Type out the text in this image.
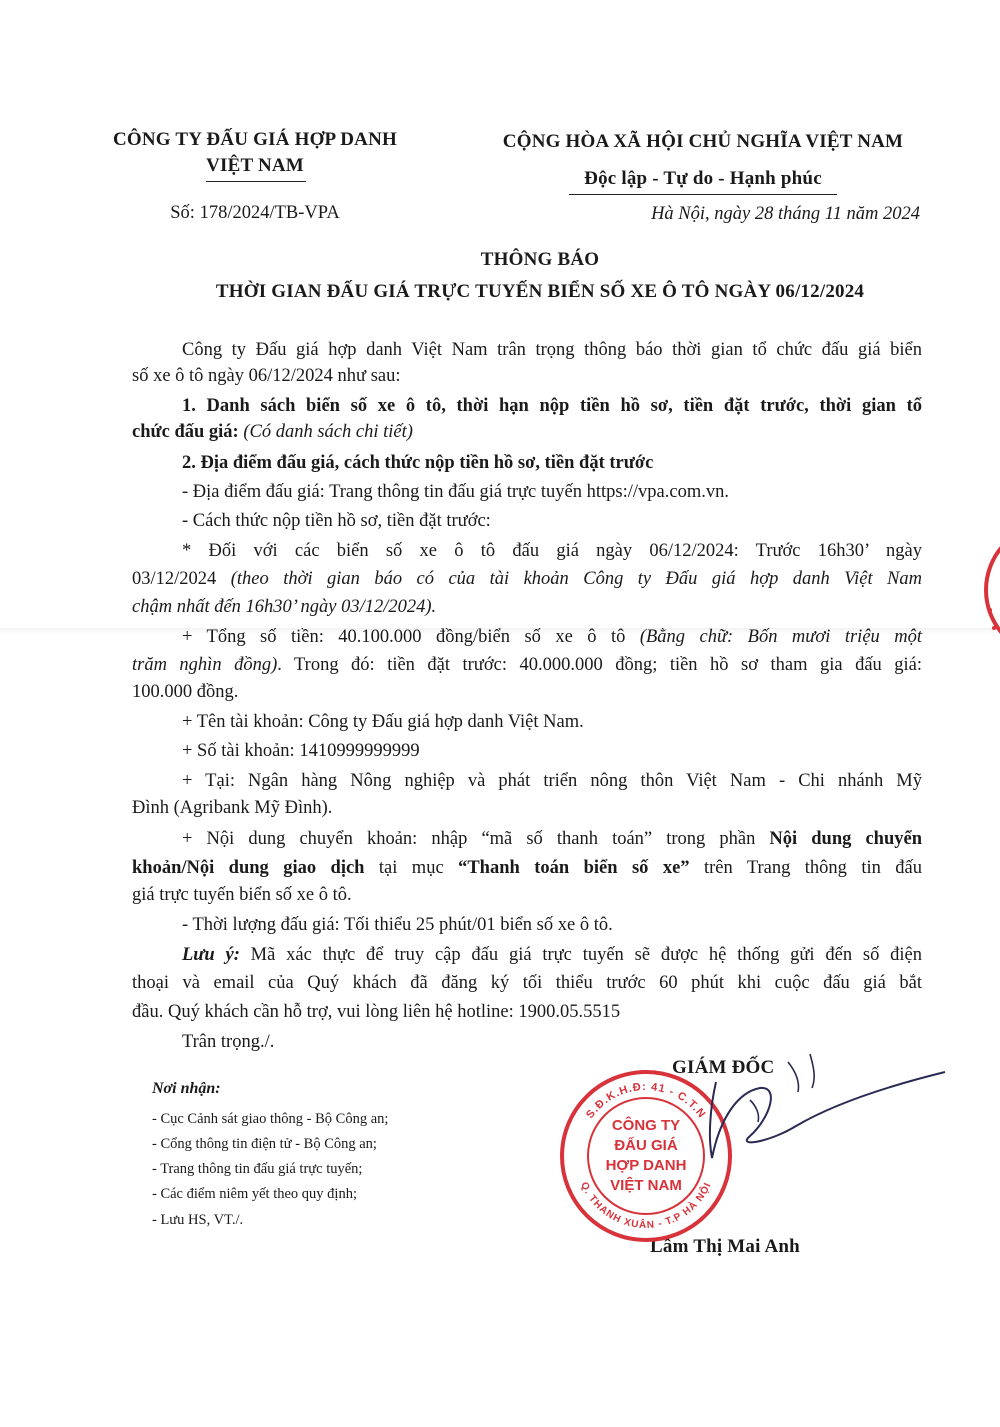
CÔNG TY ĐẤU GIÁ HỢP DANH
VIỆT NAM
Số: 178/2024/TB-VPA
CỘNG HÒA XÃ HỘI CHỦ NGHĨA VIỆT NAM
Độc lập - Tự do - Hạnh phúc
Hà Nội, ngày 28 tháng 11 năm 2024
THÔNG BÁO
THỜI GIAN ĐẤU GIÁ TRỰC TUYẾN BIỂN SỐ XE Ô TÔ NGÀY 06/12/2024
Công ty Đấu giá hợp danh Việt Nam trân trọng thông báo thời gian tổ chức đấu giá biển
số xe ô tô ngày 06/12/2024 như sau:
1. Danh sách biển số xe ô tô, thời hạn nộp tiền hồ sơ, tiền đặt trước, thời gian tổ
chức đấu giá: (Có danh sách chi tiết)
2. Địa điểm đấu giá, cách thức nộp tiền hồ sơ, tiền đặt trước
- Địa điểm đấu giá: Trang thông tin đấu giá trực tuyến https://vpa.com.vn.
- Cách thức nộp tiền hồ sơ, tiền đặt trước:
* Đối với các biển số xe ô tô đấu giá ngày 06/12/2024: Trước 16h30’ ngày
03/12/2024 (theo thời gian báo có của tài khoản Công ty Đấu giá hợp danh Việt Nam
chậm nhất đến 16h30’ ngày 03/12/2024).
+ Tổng số tiền: 40.100.000 đồng/biển số xe ô tô (Bằng chữ: Bốn mươi triệu một
trăm nghìn đồng). Trong đó: tiền đặt trước: 40.000.000 đồng; tiền hồ sơ tham gia đấu giá:
100.000 đồng.
+ Tên tài khoản: Công ty Đấu giá hợp danh Việt Nam.
+ Số tài khoản: 1410999999999
+ Tại: Ngân hàng Nông nghiệp và phát triển nông thôn Việt Nam - Chi nhánh Mỹ
Đình (Agribank Mỹ Đình).
+ Nội dung chuyển khoản: nhập “mã số thanh toán” trong phần Nội dung chuyển
khoản/Nội dung giao dịch tại mục “Thanh toán biển số xe” trên Trang thông tin đấu
giá trực tuyến biển số xe ô tô.
- Thời lượng đấu giá: Tối thiểu 25 phút/01 biển số xe ô tô.
Lưu ý: Mã xác thực để truy cập đấu giá trực tuyến sẽ được hệ thống gửi đến số điện
thoại và email của Quý khách đã đăng ký tối thiểu trước 60 phút khi cuộc đấu giá bắt
đầu. Quý khách cần hỗ trợ, vui lòng liên hệ hotline: 1900.05.5515
Trân trọng./.
Nơi nhận:
- Cục Cảnh sát giao thông - Bộ Công an;
- Cổng thông tin điện tử - Bộ Công an;
- Trang thông tin đấu giá trực tuyến;
- Các điểm niêm yết theo quy định;
- Lưu HS, VT./.
GIÁM ĐỐC
Lâm Thị Mai Anh
S.Đ.K.H.Đ: 41 - C.T.N
Q. THANH XUÂN - T.P HÀ NỘI
CÔNG TY
ĐẤU GIÁ
HỢP DANH
VIỆT NAM
